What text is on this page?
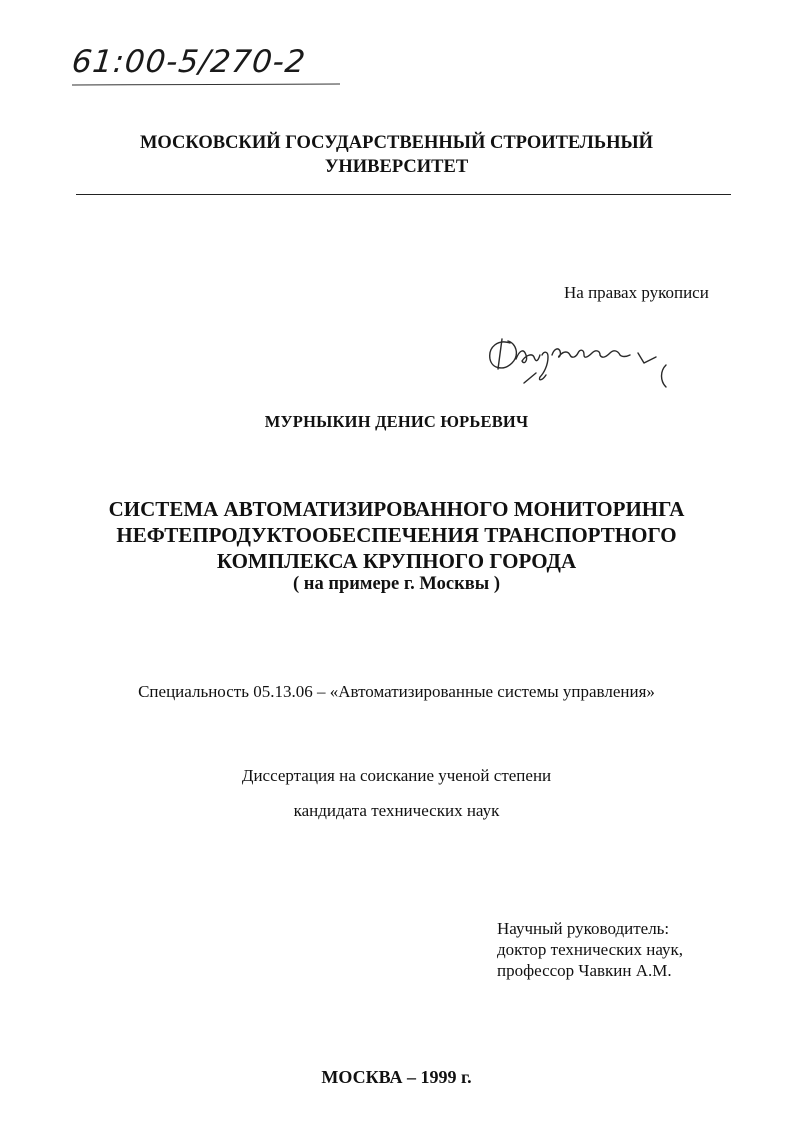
61:00-5/270-2
МОСКОВСКИЙ ГОСУДАРСТВЕННЫЙ СТРОИТЕЛЬНЫЙ
УНИВЕРСИТЕТ
На правах рукописи
МУРНЫКИН ДЕНИС ЮРЬЕВИЧ
СИСТЕМА АВТОМАТИЗИРОВАННОГО МОНИТОРИНГА
НЕФТЕПРОДУКТООБЕСПЕЧЕНИЯ ТРАНСПОРТНОГО
КОМПЛЕКСА КРУПНОГО ГОРОДА
( на примере г. Москвы )
Специальность 05.13.06 – «Автоматизированные системы управления»
Диссертация на соискание ученой степени
кандидата технических наук
Научный руководитель:
доктор технических наук,
профессор Чавкин А.М.
МОСКВА – 1999 г.
